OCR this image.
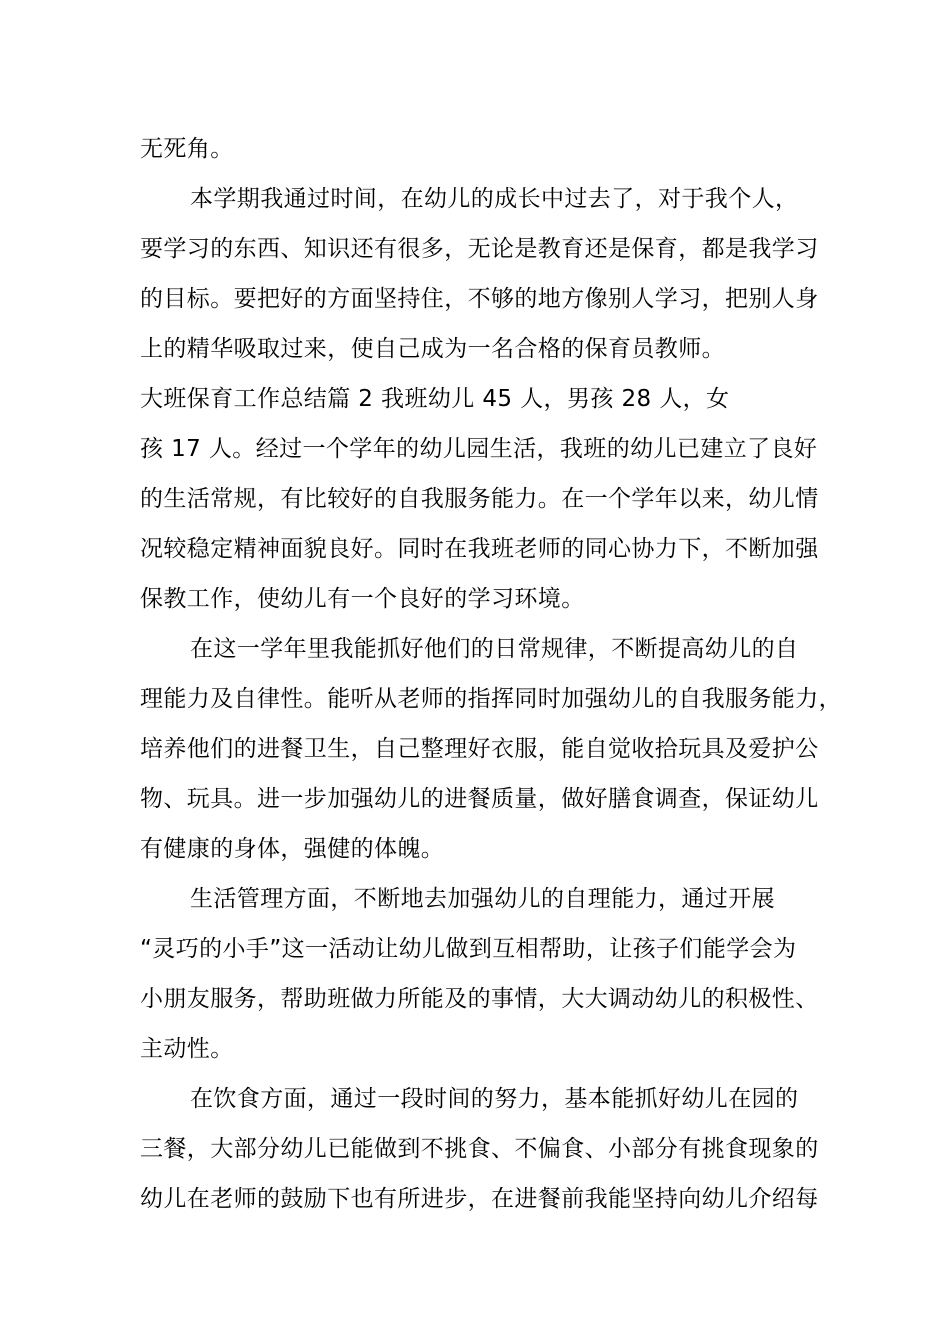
无死角。
本学期我通过时间，在幼儿的成长中过去了，对于我个人，
要学习的东西、知识还有很多，无论是教育还是保育，都是我学习
的目标。要把好的方面坚持住，不够的地方像别人学习，把别人身
上的精华吸取过来，使自己成为一名合格的保育员教师。
大班保育工作总结篇 2 我班幼儿 45 人，男孩 28 人，女
孩 17 人。经过一个学年的幼儿园生活，我班的幼儿已建立了良好
的生活常规，有比较好的自我服务能力。在一个学年以来，幼儿情
况较稳定精神面貌良好。同时在我班老师的同心协力下，不断加强
保教工作，使幼儿有一个良好的学习环境。
在这一学年里我能抓好他们的日常规律，不断提高幼儿的自
理能力及自律性。能听从老师的指挥同时加强幼儿的自我服务能力，
培养他们的进餐卫生，自己整理好衣服，能自觉收拾玩具及爱护公
物、玩具。进一步加强幼儿的进餐质量，做好膳食调查，保证幼儿
有健康的身体，强健的体魄。
生活管理方面，不断地去加强幼儿的自理能力，通过开展
“灵巧的小手”这一活动让幼儿做到互相帮助，让孩子们能学会为
小朋友服务，帮助班做力所能及的事情，大大调动幼儿的积极性、
主动性。
在饮食方面，通过一段时间的努力，基本能抓好幼儿在园的
三餐，大部分幼儿已能做到不挑食、不偏食、小部分有挑食现象的
幼儿在老师的鼓励下也有所进步，在进餐前我能坚持向幼儿介绍每
